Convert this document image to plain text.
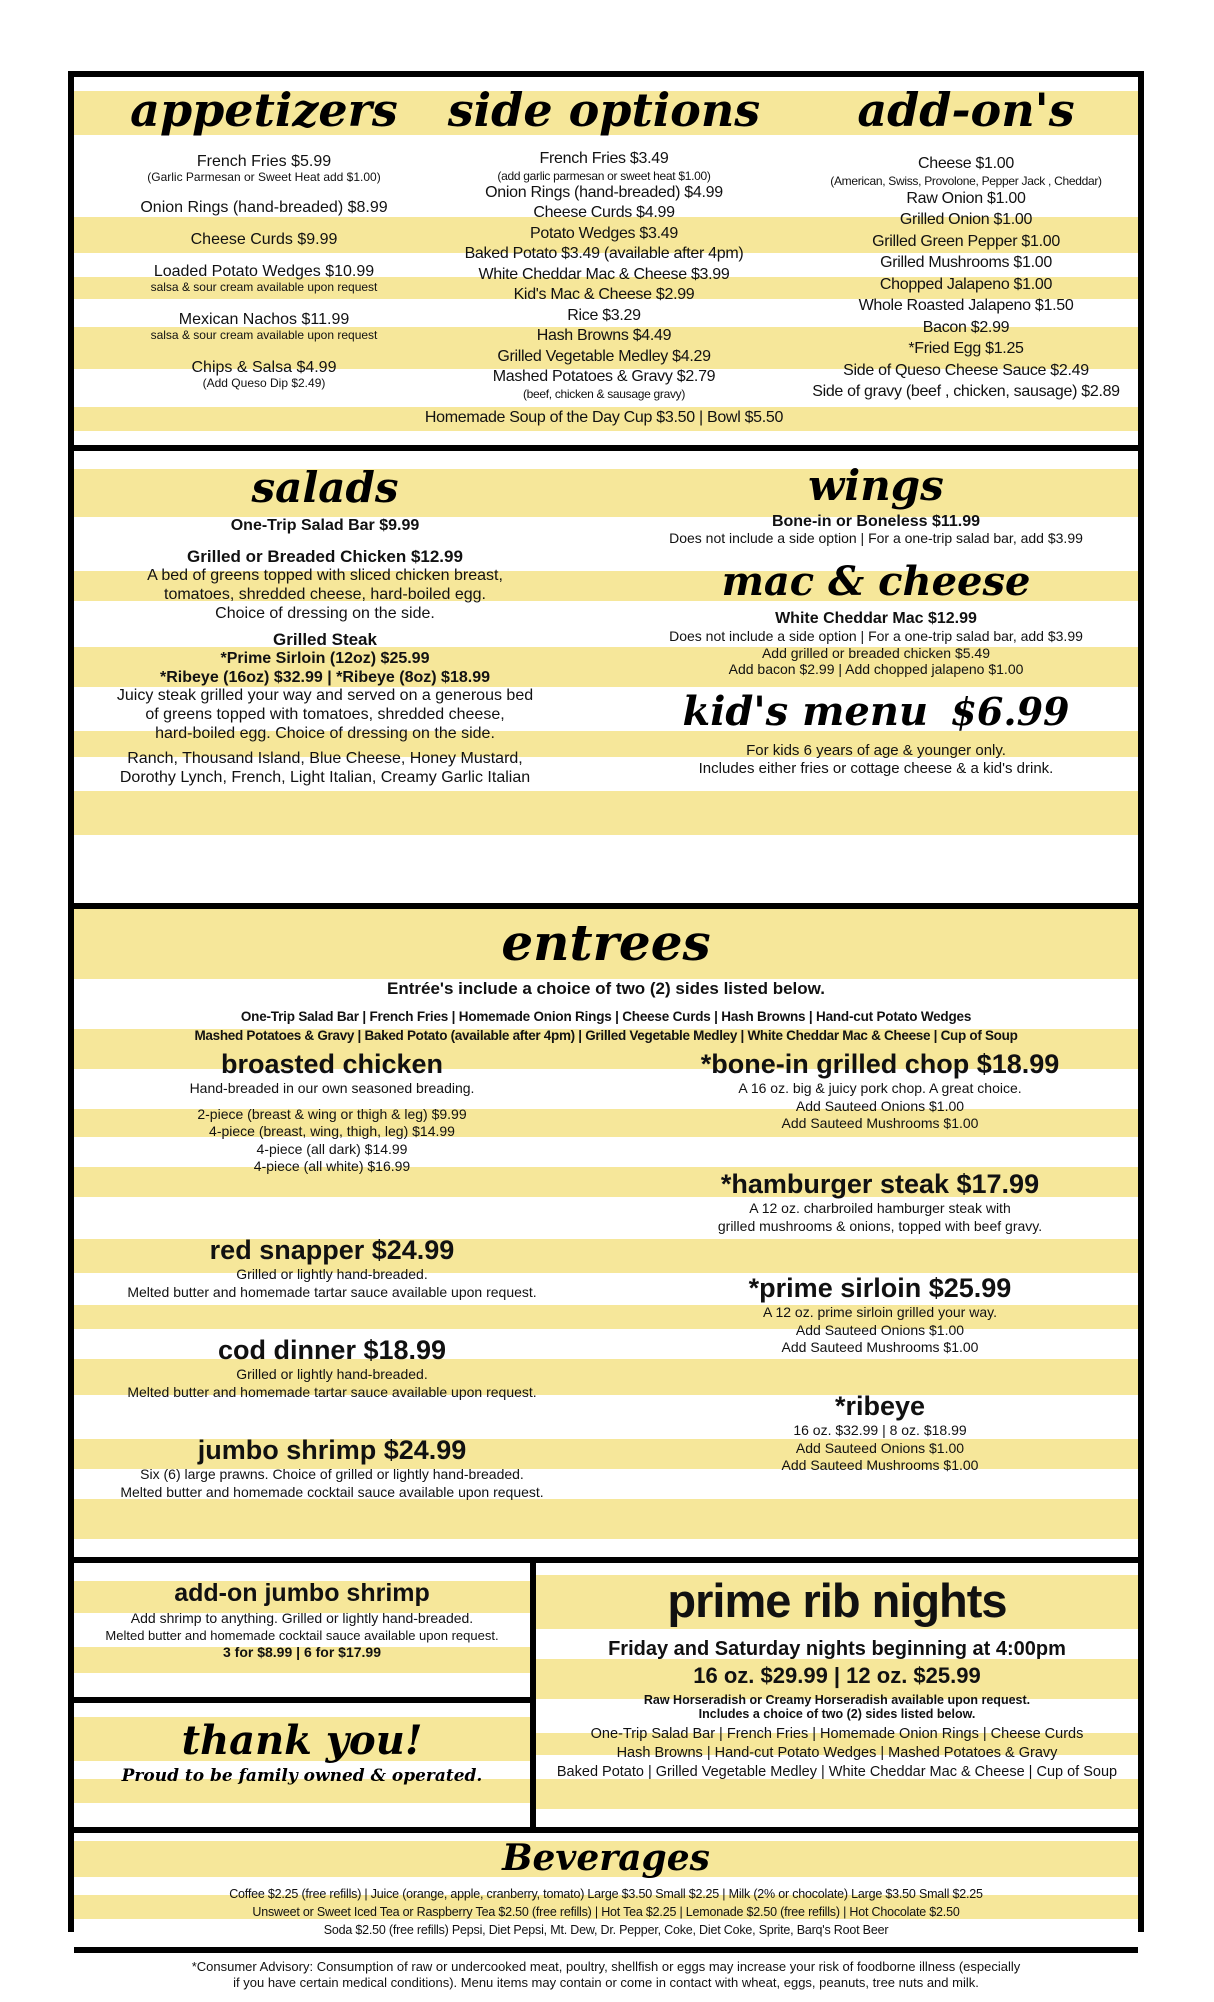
appetizers
French Fries $5.99
(Garlic Parmesan or Sweet Heat add $1.00)
Onion Rings (hand-breaded) $8.99
Cheese Curds $9.99
Loaded Potato Wedges $10.99
salsa & sour cream available upon request
Mexican Nachos $11.99
salsa & sour cream available upon request
Chips & Salsa $4.99
(Add Queso Dip $2.49)
side options
French Fries $3.49
(add garlic parmesan or sweet heat $1.00)
Onion Rings (hand-breaded) $4.99
Cheese Curds $4.99
Potato Wedges $3.49
Baked Potato $3.49 (available after 4pm)
White Cheddar Mac & Cheese $3.99
Kid's Mac & Cheese $2.99
Rice $3.29
Hash Browns $4.49
Grilled Vegetable Medley $4.29
Mashed Potatoes & Gravy $2.79
(beef, chicken & sausage gravy)
Homemade Soup of the Day Cup $3.50 | Bowl $5.50
add-on's
Cheese $1.00
(American, Swiss, Provolone, Pepper Jack , Cheddar)
Raw Onion $1.00
Grilled Onion $1.00
Grilled Green Pepper $1.00
Grilled Mushrooms $1.00
Chopped Jalapeno $1.00
Whole Roasted Jalapeno $1.50
Bacon $2.99
*Fried Egg $1.25
Side of Queso Cheese Sauce $2.49
Side of gravy (beef , chicken, sausage) $2.89
salads
One-Trip Salad Bar $9.99
Grilled or Breaded Chicken $12.99
A bed of greens topped with sliced chicken breast,
tomatoes, shredded cheese, hard-boiled egg.
Choice of dressing on the side.
Grilled Steak
*Prime Sirloin (12oz) $25.99
*Ribeye (16oz) $32.99 | *Ribeye (8oz) $18.99
Juicy steak grilled your way and served on a generous bed
of greens topped with tomatoes, shredded cheese,
hard-boiled egg. Choice of dressing on the side.
Ranch, Thousand Island, Blue Cheese, Honey Mustard,
Dorothy Lynch, French, Light Italian, Creamy Garlic Italian
wings
Bone-in or Boneless $11.99
Does not include a side option | For a one-trip salad bar, add $3.99
mac & cheese
White Cheddar Mac $12.99
Does not include a side option | For a one-trip salad bar, add $3.99
Add grilled or breaded chicken $5.49
Add bacon $2.99 | Add chopped jalapeno $1.00
kid's menu $6.99
For kids 6 years of age & younger only.
Includes either fries or cottage cheese & a kid's drink.
entrees
Entrée's include a choice of two (2) sides listed below.
One-Trip Salad Bar | French Fries | Homemade Onion Rings | Cheese Curds | Hash Browns | Hand-cut Potato Wedges
Mashed Potatoes & Gravy | Baked Potato (available after 4pm) | Grilled Vegetable Medley | White Cheddar Mac & Cheese | Cup of Soup
broasted chicken
Hand-breaded in our own seasoned breading.
2-piece (breast & wing or thigh & leg) $9.99
4-piece (breast, wing, thigh, leg) $14.99
4-piece (all dark) $14.99
4-piece (all white) $16.99
red snapper $24.99
Grilled or lightly hand-breaded.
Melted butter and homemade tartar sauce available upon request.
cod dinner $18.99
Grilled or lightly hand-breaded.
Melted butter and homemade tartar sauce available upon request.
jumbo shrimp $24.99
Six (6) large prawns. Choice of grilled or lightly hand-breaded.
Melted butter and homemade cocktail sauce available upon request.
*bone-in grilled chop $18.99
A 16 oz. big & juicy pork chop. A great choice.
Add Sauteed Onions $1.00
Add Sauteed Mushrooms $1.00
*hamburger steak $17.99
A 12 oz. charbroiled hamburger steak with
grilled mushrooms & onions, topped with beef gravy.
*prime sirloin $25.99
A 12 oz. prime sirloin grilled your way.
Add Sauteed Onions $1.00
Add Sauteed Mushrooms $1.00
*ribeye
16 oz. $32.99 | 8 oz. $18.99
Add Sauteed Onions $1.00
Add Sauteed Mushrooms $1.00
add-on jumbo shrimp
Add shrimp to anything. Grilled or lightly hand-breaded.
Melted butter and homemade cocktail sauce available upon request.
3 for $8.99 | 6 for $17.99
thank you!
Proud to be family owned & operated.
prime rib nights
Friday and Saturday nights beginning at 4:00pm
16 oz. $29.99 | 12 oz. $25.99
Raw Horseradish or Creamy Horseradish available upon request.
Includes a choice of two (2) sides listed below.
One-Trip Salad Bar | French Fries | Homemade Onion Rings | Cheese Curds
Hash Browns | Hand-cut Potato Wedges | Mashed Potatoes & Gravy
Baked Potato | Grilled Vegetable Medley | White Cheddar Mac & Cheese | Cup of Soup
Beverages
Coffee $2.25 (free refills) | Juice (orange, apple, cranberry, tomato) Large $3.50 Small $2.25 | Milk (2% or chocolate) Large $3.50 Small $2.25
Unsweet or Sweet Iced Tea or Raspberry Tea $2.50 (free refills) | Hot Tea $2.25 | Lemonade $2.50 (free refills) | Hot Chocolate $2.50
Soda $2.50 (free refills) Pepsi, Diet Pepsi, Mt. Dew, Dr. Pepper, Coke, Diet Coke, Sprite, Barq's Root Beer
*Consumer Advisory: Consumption of raw or undercooked meat, poultry, shellfish or eggs may increase your risk of foodborne illness (especially
if you have certain medical conditions). Menu items may contain or come in contact with wheat, eggs, peanuts, tree nuts and milk.
